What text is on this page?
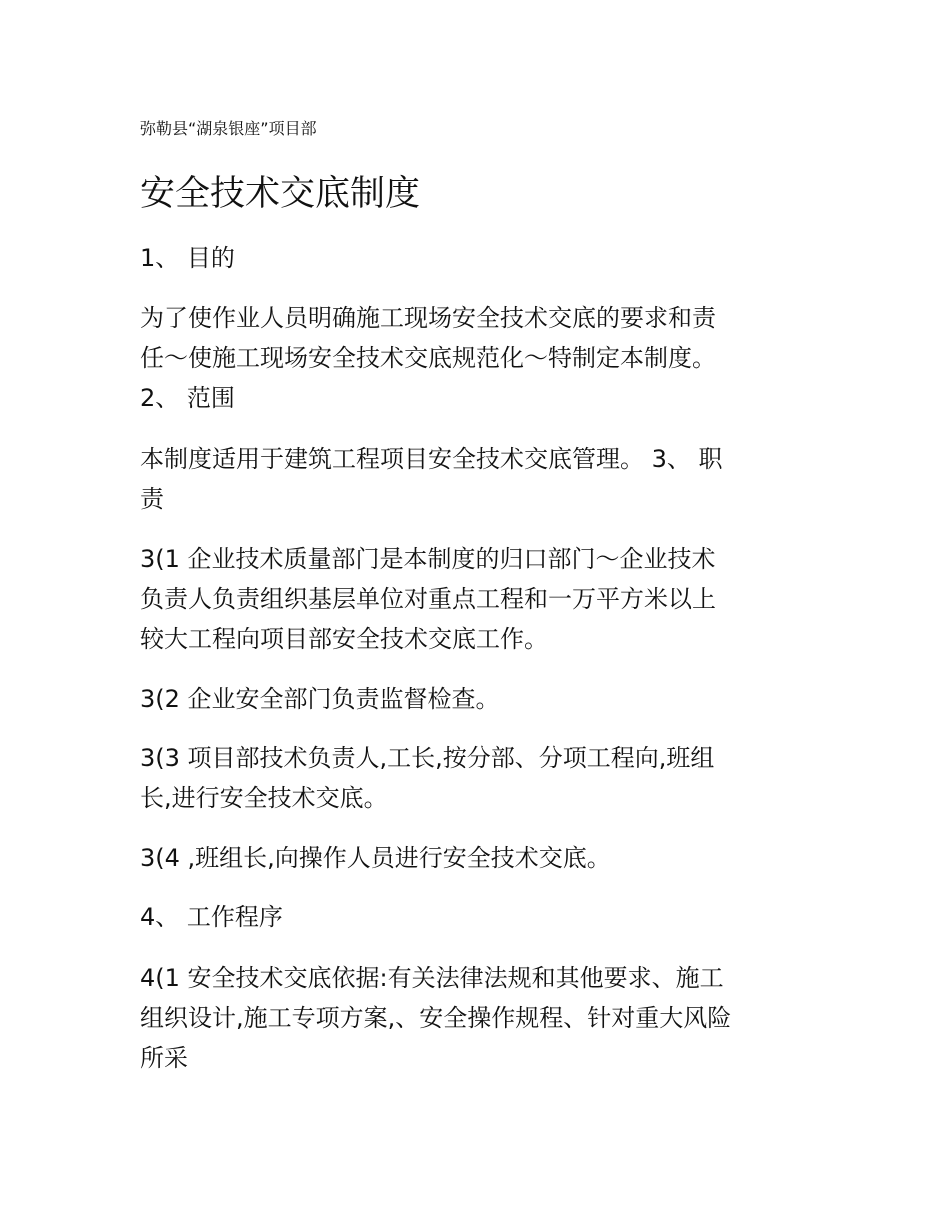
弥勒县“湖泉银座”项目部
安全技术交底制度
1、 目的
为了使作业人员明确施工现场安全技术交底的要求和责
任～使施工现场安全技术交底规范化～特制定本制度。
2、 范围
本制度适用于建筑工程项目安全技术交底管理。 3、 职
责
3(1 企业技术质量部门是本制度的归口部门～企业技术
负责人负责组织基层单位对重点工程和一万平方米以上
较大工程向项目部安全技术交底工作。
3(2 企业安全部门负责监督检查。
3(3 项目部技术负责人,工长,按分部、分项工程向,班组
长,进行安全技术交底。
3(4 ,班组长,向操作人员进行安全技术交底。
4、 工作程序
4(1 安全技术交底依据:有关法律法规和其他要求、施工
组织设计,施工专项方案,、安全操作规程、针对重大风险
所采
